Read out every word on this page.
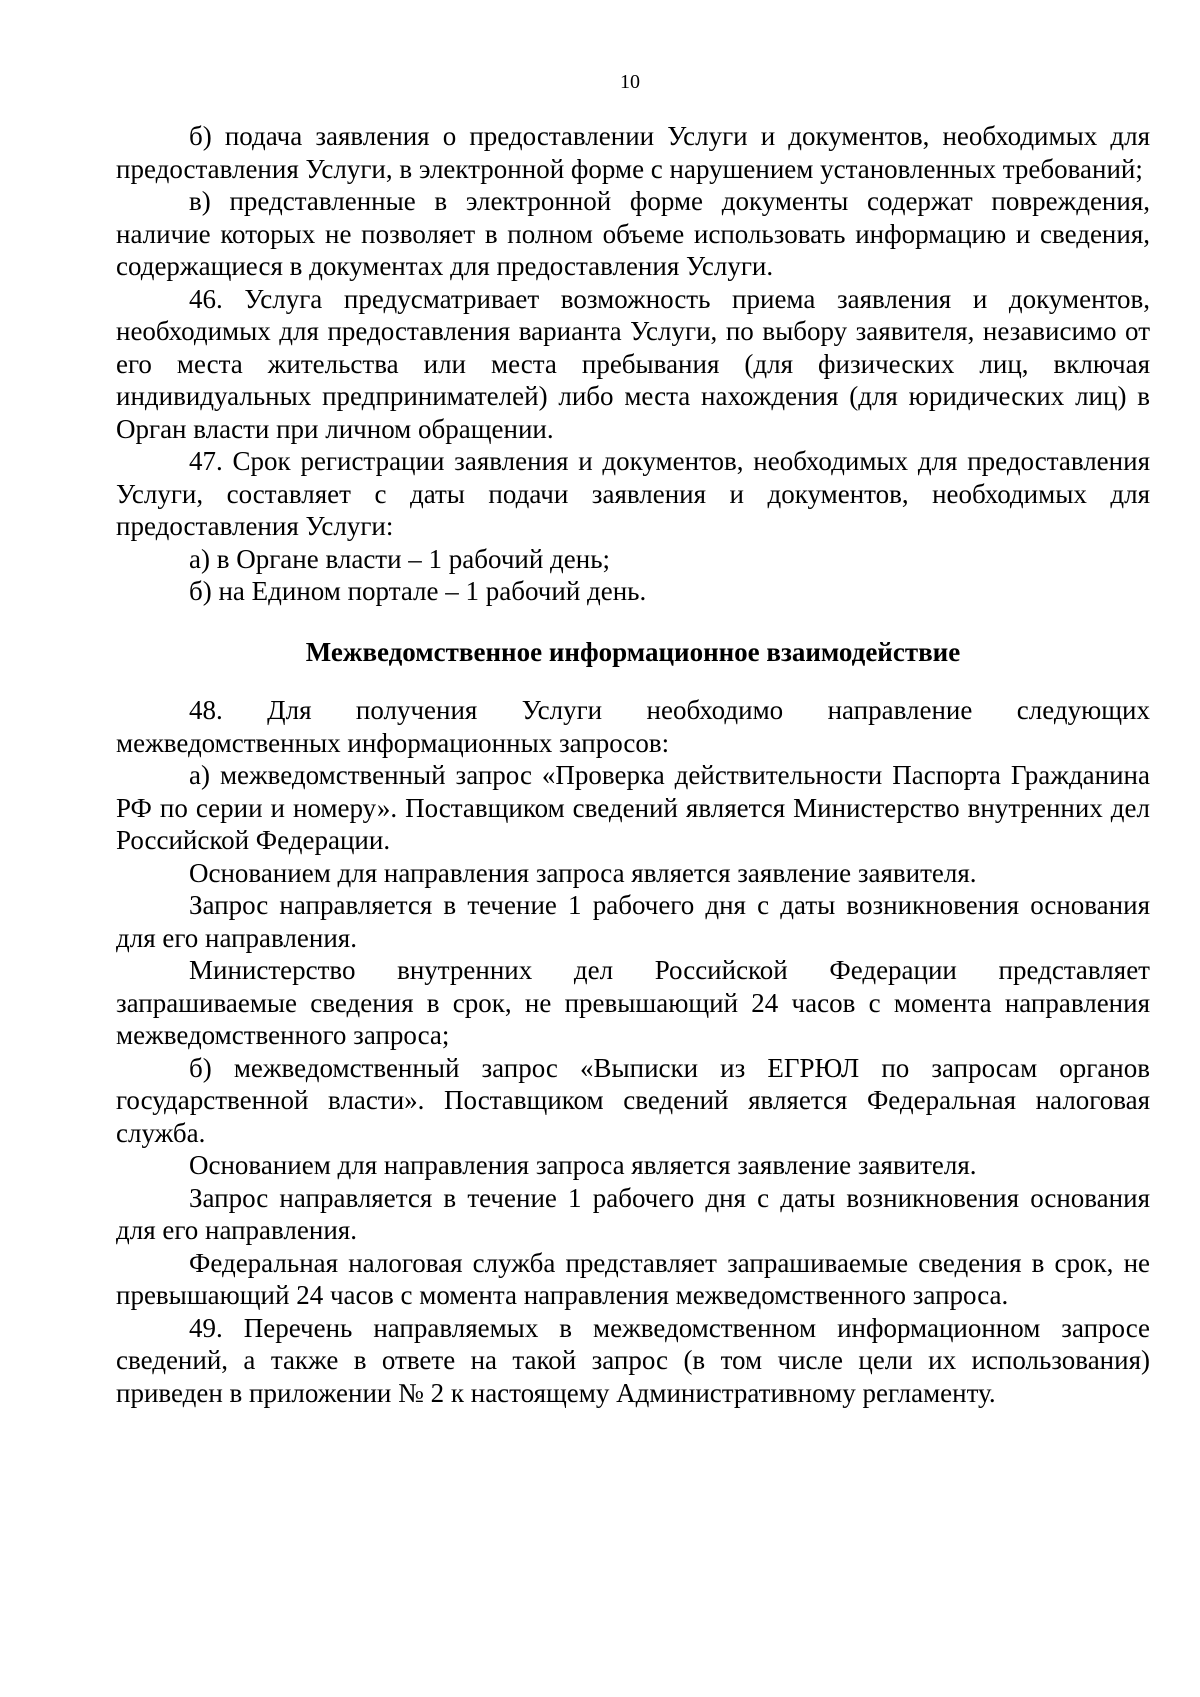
10

б) подача заявления о предоставлении Услуги и документов, необходимых для предоставления Услуги, в электронной форме с нарушением установленных требований;

в) представленные в электронной форме документы содержат повреждения, наличие которых не позволяет в полном объеме использовать информацию и сведения, содержащиеся в документах для предоставления Услуги.

46. Услуга предусматривает возможность приема заявления и документов, необходимых для предоставления варианта Услуги, по выбору заявителя, независимо от его места жительства или места пребывания (для физических лиц, включая индивидуальных предпринимателей) либо места нахождения (для юридических лиц) в Орган власти при личном обращении.

47. Срок регистрации заявления и документов, необходимых для предоставления Услуги, составляет с даты подачи заявления и документов, необходимых для предоставления Услуги:

а) в Органе власти – 1 рабочий день;

б) на Едином портале – 1 рабочий день.

Межведомственное информационное взаимодействие

48. Для получения Услуги необходимо направление следующих межведомственных информационных запросов:

а) межведомственный запрос «Проверка действительности Паспорта Гражданина РФ по серии и номеру». Поставщиком сведений является Министерство внутренних дел Российской Федерации.

Основанием для направления запроса является заявление заявителя.

Запрос направляется в течение 1 рабочего дня с даты возникновения основания для его направления.

Министерство внутренних дел Российской Федерации представляет запрашиваемые сведения в срок, не превышающий 24 часов с момента направления межведомственного запроса;

б) межведомственный запрос «Выписки из ЕГРЮЛ по запросам органов государственной власти». Поставщиком сведений является Федеральная налоговая служба.

Основанием для направления запроса является заявление заявителя.

Запрос направляется в течение 1 рабочего дня с даты возникновения основания для его направления.

Федеральная налоговая служба представляет запрашиваемые сведения в срок, не превышающий 24 часов с момента направления межведомственного запроса.

49. Перечень направляемых в межведомственном информационном запросе сведений, а также в ответе на такой запрос (в том числе цели их использования) приведен в приложении № 2 к настоящему Административному регламенту.
